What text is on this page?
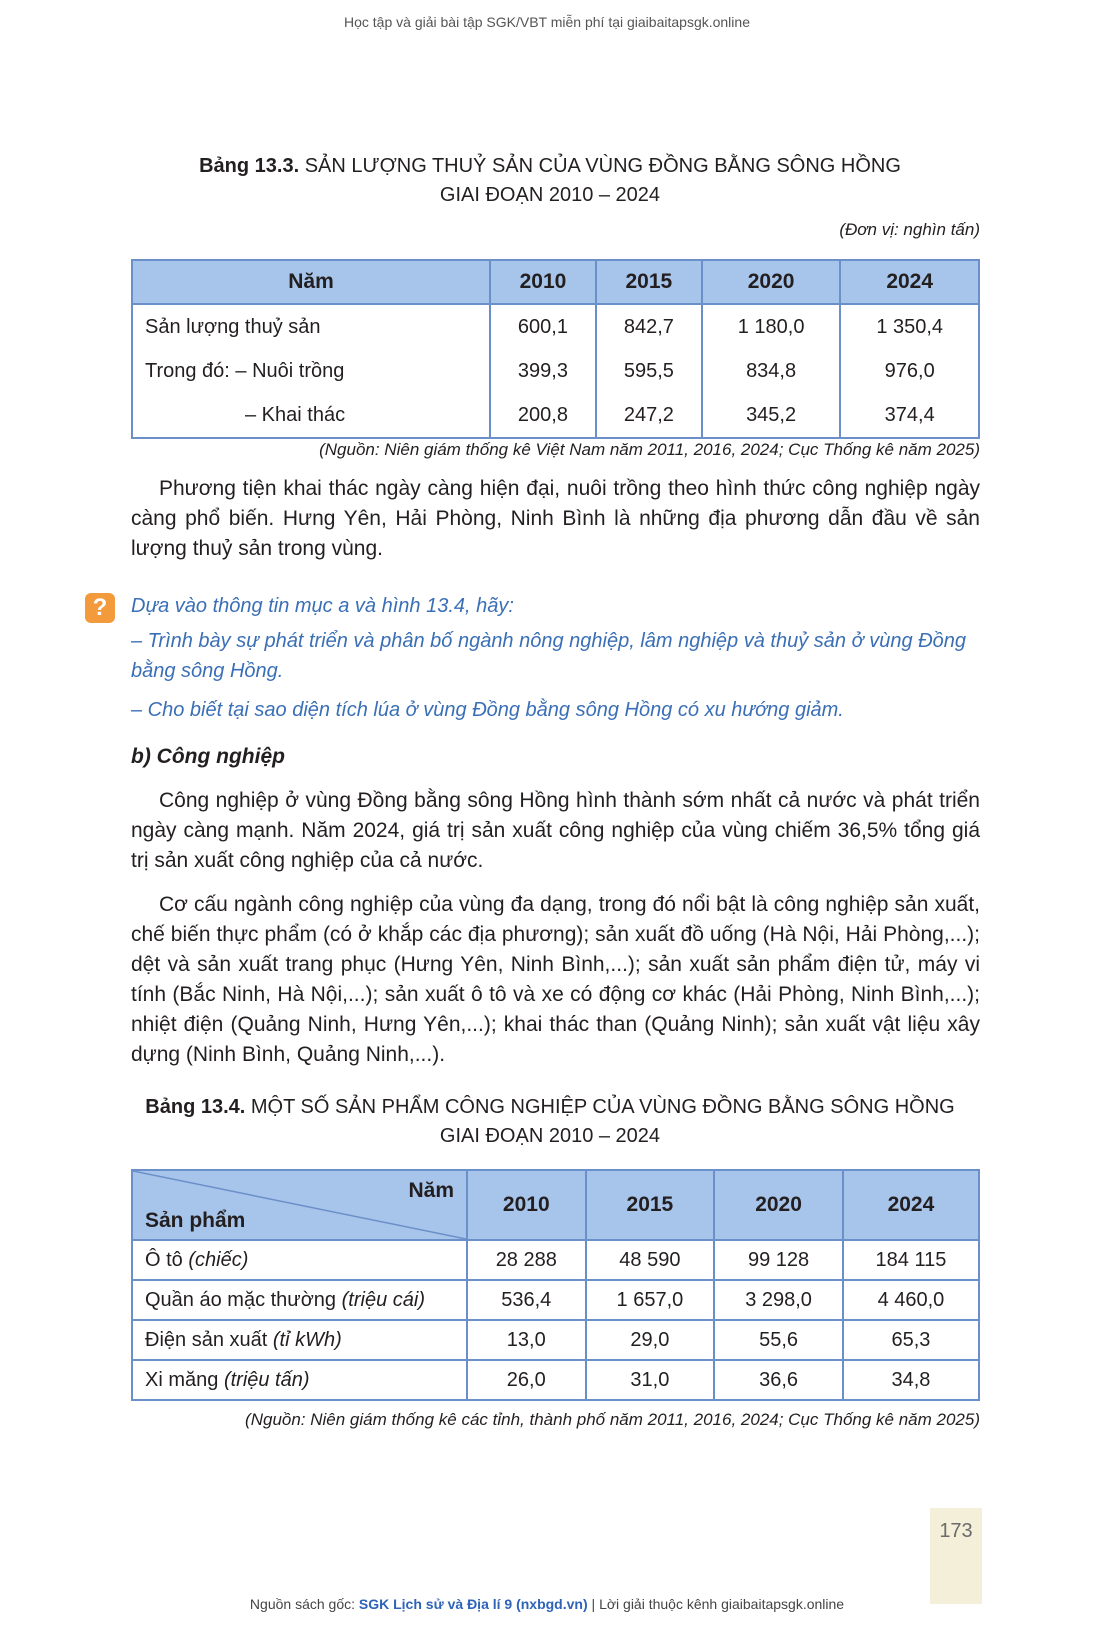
Học tập và giải bài tập SGK/VBT miễn phí tại giaibaitapsgk.online
Bảng 13.3. SẢN LƯỢNG THUỶ SẢN CỦA VÙNG ĐỒNG BẰNG SÔNG HỒNG
GIAI ĐOẠN 2010 – 2024
(Đơn vị: nghìn tấn)
Năm	2010	2015	2020	2024
Sản lượng thuỷ sản	600,1	842,7	1 180,0	1 350,4
Trong đó: – Nuôi trồng	399,3	595,5	834,8	976,0
– Khai thác	200,8	247,2	345,2	374,4
(Nguồn: Niên giám thống kê Việt Nam năm 2011, 2016, 2024; Cục Thống kê năm 2025)
Phương tiện khai thác ngày càng hiện đại, nuôi trồng theo hình thức công nghiệp ngày càng phổ biến. Hưng Yên, Hải Phòng, Ninh Bình là những địa phương dẫn đầu về sản lượng thuỷ sản trong vùng.
?	Dựa vào thông tin mục a và hình 13.4, hãy:
– Trình bày sự phát triển và phân bố ngành nông nghiệp, lâm nghiệp và thuỷ sản ở vùng Đồng bằng sông Hồng.
– Cho biết tại sao diện tích lúa ở vùng Đồng bằng sông Hồng có xu hướng giảm.
b) Công nghiệp
Công nghiệp ở vùng Đồng bằng sông Hồng hình thành sớm nhất cả nước và phát triển ngày càng mạnh. Năm 2024, giá trị sản xuất công nghiệp của vùng chiếm 36,5% tổng giá trị sản xuất công nghiệp của cả nước.
Cơ cấu ngành công nghiệp của vùng đa dạng, trong đó nổi bật là công nghiệp sản xuất, chế biến thực phẩm (có ở khắp các địa phương); sản xuất đồ uống (Hà Nội, Hải Phòng,...); dệt và sản xuất trang phục (Hưng Yên, Ninh Bình,...); sản xuất sản phẩm điện tử, máy vi tính (Bắc Ninh, Hà Nội,...); sản xuất ô tô và xe có động cơ khác (Hải Phòng, Ninh Bình,...); nhiệt điện (Quảng Ninh, Hưng Yên,...); khai thác than (Quảng Ninh); sản xuất vật liệu xây dựng (Ninh Bình, Quảng Ninh,...).
Bảng 13.4. MỘT SỐ SẢN PHẨM CÔNG NGHIỆP CỦA VÙNG ĐỒNG BẰNG SÔNG HỒNG
GIAI ĐOẠN 2010 – 2024
Năm
Sản phẩm	2010	2015	2020	2024
Ô tô (chiếc)	28 288	48 590	99 128	184 115
Quần áo mặc thường (triệu cái)	536,4	1 657,0	3 298,0	4 460,0
Điện sản xuất (tỉ kWh)	13,0	29,0	55,6	65,3
Xi măng (triệu tấn)	26,0	31,0	36,6	34,8
(Nguồn: Niên giám thống kê các tỉnh, thành phố năm 2011, 2016, 2024; Cục Thống kê năm 2025)
173
Nguồn sách gốc: SGK Lịch sử và Địa lí 9 (nxbgd.vn) | Lời giải thuộc kênh giaibaitapsgk.online
